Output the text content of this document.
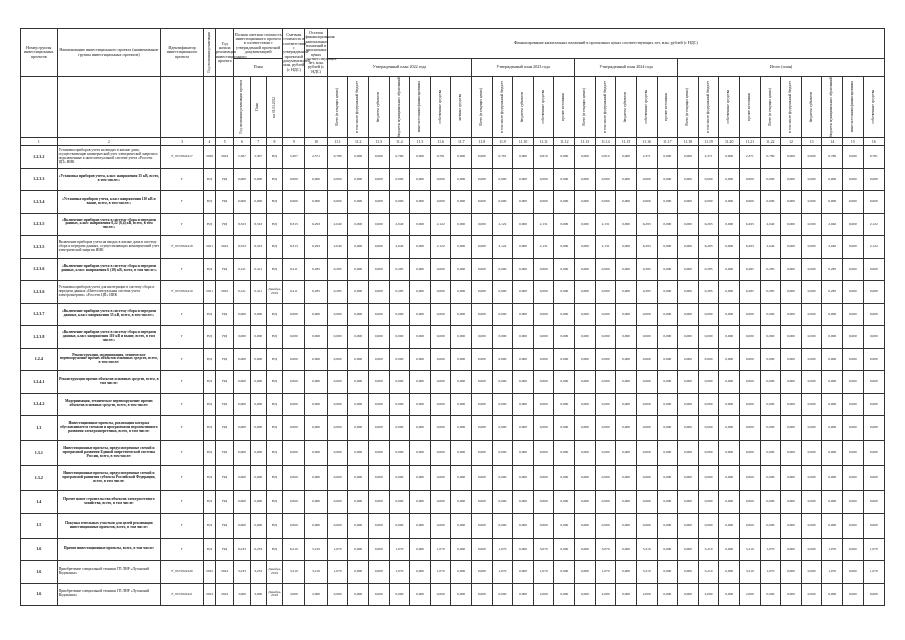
Номер группы инвестиционных проектов	Наименование инвестиционного проекта (наименование группы инвестиционных проектов)	Идентификатор инвестиционного проекта	Год окончания реализации	Год начала реализации инвестиционного проекта	Полная сметная стоимость инвестиционного проекта в соответствии с утвержденной проектной документацией			Сметная стоимость в соответствии с утвержденной проектной документацией, млн. рублей (с НДС)	Остаток финансирования капитальных вложений в прогнозных ценах соответствующих лет, млн. рублей (с НДС)	Финансирование капитальных вложений в прогнозных ценах соответствующих лет, млн. рублей (с НДС)																										
					План					Утвержденный план 2022 года							Утвержденный план 2023 года					Утвержденный план 2024 года					Итого (план)									

					Год окончания реализации проекта	План	на 01.01.2022			Всего (в текущих ценах)	в том числе федеральный бюджет	бюджеты субъектов	бюджеты муниципальных образований	иные источники финансирования	собственные средства	заемные средства	Всего (в текущих ценах)	в том числе федеральный бюджет	бюджеты субъектов	собственные средства	прочие источники	Всего (в текущих ценах)	в том числе федеральный бюджет	бюджеты субъектов	собственные средства	прочие источники	Всего (в текущих ценах)	в том числе федеральный бюджет	собственные средства	прочие источники	Всего (в текущих ценах)	в том числе федеральный бюджет	бюджеты субъектов	бюджеты муниципальных образований	иные источники финансирования	собственные средства

1	2	3	4	5	6	7	8	9	10	11.1	11.2	11.3	11.4	11.5	11.6	11.7	11.8	11.9	11.10	11.11	11.12	11.13	11.14	11.15	11.16	11.17	11.18	11.19	11.20	11.21	11.22	12	13	14	15	16
1.2.3.2	Установка приборов учета на вводах в жилые дома, осуществляющие коммерческий учет электрической энергии и подключенные к интеллектуальной системе учета «Россети ЦП» ИИК	F_9572822417	2020	2024	5,307	5,307	НД	5,207	2,371	0,780	0,000	0,000	0,780	0,000	0,781	0,000	0,000	0,781	0,000	0,810	0,000	0,000	0,810	0,000	2,371	0,000	0,000	2,371	0,000	2,371	0,780	0,000	0,000	0,780	0,000	0,781
1.2.3.3	«Установка приборов учета, класс напряжения 35 кВ, всего, в том числе:»	Г	НД	НД	0,000	0,000	НД	0,000	0,000	0,000	0,000	0,000	0,000	0,000	0,000	0,000	0,000	0,000	0,000	0,000	0,000	0,000	0,000	0,000	0,000	0,000	0,000	0,000	0,000	0,000	0,000	0,000	0,000	0,000	0,000	0,000
1.2.3.4	«Установка приборов учета, класс напряжения 110 кВ и выше, всего, в том числе:»	Г	НД	НД	0,000	0,000	НД	0,000	0,000	0,000	0,000	0,000	0,000	0,000	0,000	0,000	0,000	0,000	0,000	0,000	0,000	0,000	0,000	0,000	0,000	0,000	0,000	0,000	0,000	0,000	0,000	0,000	0,000	0,000	0,000	0,000
1.2.3.5	«Включение приборов учета в систему сбора и передачи данных, класс напряжения 0,22 (0,4) кВ, всего, в том числе:»	Г	НД	НД	8,323	8,323	НД	8,313	6,293	2,040	0,000	0,000	2,040	0,000	2,122	0,000	0,000	2,122	0,000	2,131	0,000	0,000	2,131	0,000	6,293	0,000	0,000	6,293	0,000	6,293	2,040	0,000	0,000	2,040	0,000	2,122
1.2.3.5	Включение приборов учета на вводах в жилые дома в систему сбора и передачи данных, осуществляющих коммерческий учет электрической энергии ИИК	F_9572822418	2021	2024	8,323	8,323	НД	8,313	6,293	2,040	0,000	0,000	2,040	0,000	2,122	0,000	0,000	2,122	0,000	2,131	0,000	0,000	2,131	0,000	6,293	0,000	0,000	6,293	0,000	6,293	2,040	0,000	0,000	2,040	0,000	2,122
1.2.3.6	«Включение приборов учета в систему сбора и передачи данных, класс напряжения 6 (10) кВ, всего, в том числе:»	Г	НД	НД	0,411	0,411	НД	0,411	0,285	0,285	0,000	0,000	0,285	0,000	0,000	0,000	0,000	0,000	0,000	0,000	0,000	0,000	0,000	0,000	0,285	0,000	0,000	0,285	0,000	0,285	0,285	0,000	0,000	0,285	0,000	0,000
1.2.3.6	Установка приборов учета для интеграции в систему сбора и передачи данных «Интеллектуальная система учета электроэнергии» «Россети ЦП» ИИК	F_9572822419	2021	2022	0,411	0,411	Декабрь 2019	0,411	0,285	0,285	0,000	0,000	0,285	0,000	0,000	0,000	0,000	0,000	0,000	0,000	0,000	0,000	0,000	0,000	0,285	0,000	0,000	0,285	0,000	0,285	0,285	0,000	0,000	0,285	0,000	0,000
1.2.3.7	«Включение приборов учета в систему сбора и передачи данных, класс напряжения 35 кВ, всего, в том числе:»	Г	НД	НД	0,000	0,000	НД	0,000	0,000	0,000	0,000	0,000	0,000	0,000	0,000	0,000	0,000	0,000	0,000	0,000	0,000	0,000	0,000	0,000	0,000	0,000	0,000	0,000	0,000	0,000	0,000	0,000	0,000	0,000	0,000	0,000
1.2.3.8	«Включение приборов учета в систему сбора и передачи данных, класс напряжения 110 кВ и выше, всего, в том числе:»	Г	НД	НД	0,000	0,000	НД	0,000	0,000	0,000	0,000	0,000	0,000	0,000	0,000	0,000	0,000	0,000	0,000	0,000	0,000	0,000	0,000	0,000	0,000	0,000	0,000	0,000	0,000	0,000	0,000	0,000	0,000	0,000	0,000	0,000
1.2.4	Реконструкция, модернизация, техническое перевооружение прочих объектов основных средств, всего, в том числе:	Г	НД	НД	0,000	0,000	НД	0,000	0,000	0,000	0,000	0,000	0,000	0,000	0,000	0,000	0,000	0,000	0,000	0,000	0,000	0,000	0,000	0,000	0,000	0,000	0,000	0,000	0,000	0,000	0,000	0,000	0,000	0,000	0,000	0,000
1.2.4.1	Реконструкция прочих объектов основных средств, всего, в том числе:	Г	НД	НД	0,000	0,000	НД	0,000	0,000	0,000	0,000	0,000	0,000	0,000	0,000	0,000	0,000	0,000	0,000	0,000	0,000	0,000	0,000	0,000	0,000	0,000	0,000	0,000	0,000	0,000	0,000	0,000	0,000	0,000	0,000	0,000
1.2.4.2	Модернизация, техническое перевооружение прочих объектов основных средств, всего, в том числе:	Г	НД	НД	0,000	0,000	НД	0,000	0,000	0,000	0,000	0,000	0,000	0,000	0,000	0,000	0,000	0,000	0,000	0,000	0,000	0,000	0,000	0,000	0,000	0,000	0,000	0,000	0,000	0,000	0,000	0,000	0,000	0,000	0,000	0,000
1.3	Инвестиционные проекты, реализация которых обуславливается схемами и программами перспективного развития электроэнергетики, всего, в том числе:	Г	НД	НД	0,000	0,000	НД	0,000	0,000	0,000	0,000	0,000	0,000	0,000	0,000	0,000	0,000	0,000	0,000	0,000	0,000	0,000	0,000	0,000	0,000	0,000	0,000	0,000	0,000	0,000	0,000	0,000	0,000	0,000	0,000	0,000
1.3.1	Инвестиционные проекты, предусмотренные схемой и программой развития Единой энергетической системы России, всего, в том числе:	Г	НД	НД	0,000	0,000	НД	0,000	0,000	0,000	0,000	0,000	0,000	0,000	0,000	0,000	0,000	0,000	0,000	0,000	0,000	0,000	0,000	0,000	0,000	0,000	0,000	0,000	0,000	0,000	0,000	0,000	0,000	0,000	0,000	0,000
1.3.2	Инвестиционные проекты, предусмотренные схемой и программой развития субъекта Российской Федерации, всего, в том числе:	Г	НД	НД	0,000	0,000	НД	0,000	0,000	0,000	0,000	0,000	0,000	0,000	0,000	0,000	0,000	0,000	0,000	0,000	0,000	0,000	0,000	0,000	0,000	0,000	0,000	0,000	0,000	0,000	0,000	0,000	0,000	0,000	0,000	0,000
1.4	Прочее новое строительство объектов электросетевого хозяйства, всего, в том числе:	Г	НД	НД	0,000	0,000	НД	0,000	0,000	0,000	0,000	0,000	0,000	0,000	0,000	0,000	0,000	0,000	0,000	0,000	0,000	0,000	0,000	0,000	0,000	0,000	0,000	0,000	0,000	0,000	0,000	0,000	0,000	0,000	0,000	0,000
1.5	Покупка земельных участков для целей реализации инвестиционных проектов, всего, в том числе:	Г	НД	НД	0,000	0,000	НД	0,000	0,000	0,000	0,000	0,000	0,000	0,000	0,000	0,000	0,000	0,000	0,000	0,000	0,000	0,000	0,000	0,000	0,000	0,000	0,000	0,000	0,000	0,000	0,000	0,000	0,000	0,000	0,000	0,000
1.6	Прочие инвестиционные проекты, всего, в том числе:	Г	НД	НД	6,233	6,233	НД	6,210	5,210	1,070	0,000	0,000	1,070	0,000	1,070	0,000	0,000	1,070	0,000	3,070	0,000	0,000	3,070	0,000	5,210	0,000	0,000	5,210	0,000	5,210	1,070	0,000	0,000	1,070	0,000	1,070
1.6	Приобретение специальной техники ГП ЛНР «Луганский Водоканал»	F_9572922420	2022	2024	3,233	3,233	Декабрь 2019	3,210	3,210	1,070	0,000	0,000	1,070	0,000	1,070	0,000	0,000	1,070	0,000	1,070	0,000	0,000	1,070	0,000	3,210	0,000	0,000	3,210	0,000	3,210	1,070	0,000	0,000	1,070	0,000	1,070
1.6	Приобретение специальной техники ГП ЛНР «Луганский Водоканал»	F_9572922421	2023	2024	3,000	3,000	Декабрь 2019	3,000	2,000	0,000	0,000	0,000	0,000	0,000	0,000	0,000	0,000	0,000	0,000	2,000	0,000	0,000	2,000	0,000	2,000	0,000	0,000	2,000	0,000	2,000	0,000	0,000	0,000	0,000	0,000	0,000
